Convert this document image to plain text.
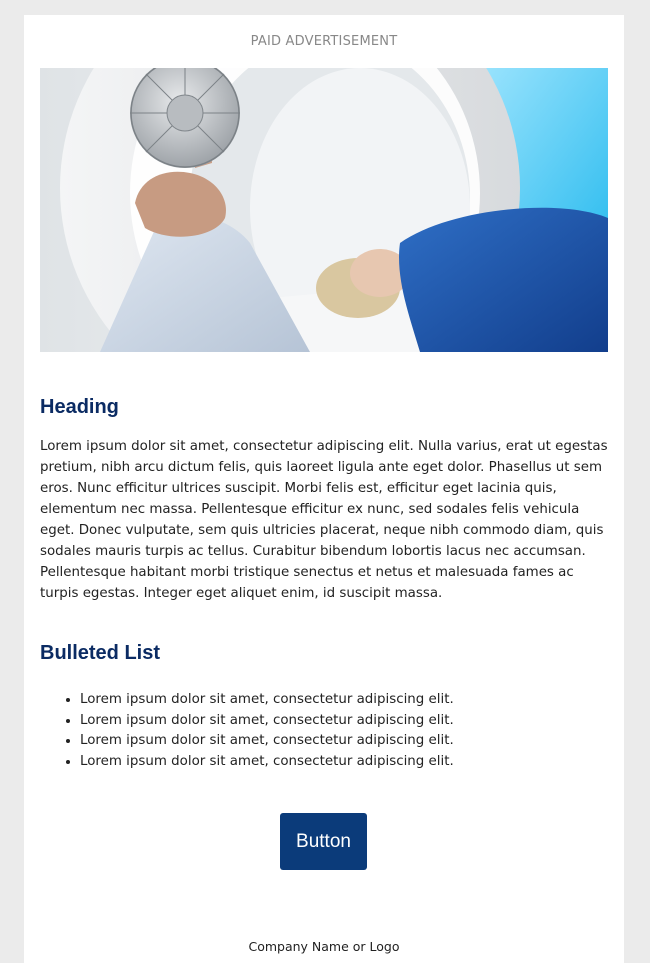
PAID ADVERTISEMENT
Heading

Lorem ipsum dolor sit amet, consectetur adipiscing elit. Nulla varius, erat ut egestas pretium, nibh arcu dictum felis, quis laoreet ligula ante eget dolor. Phasellus ut sem eros. Nunc efficitur ultrices suscipit. Morbi felis est, efficitur eget lacinia quis, elementum nec massa. Pellentesque efficitur ex nunc, sed sodales felis vehicula eget. Donec vulputate, sem quis ultricies placerat, neque nibh commodo diam, quis sodales mauris turpis ac tellus. Curabitur bibendum lobortis lacus nec accumsan. Pellentesque habitant morbi tristique senectus et netus et malesuada fames ac turpis egestas. Integer eget aliquet enim, id suscipit massa.

Bulleted List
• Lorem ipsum dolor sit amet, consectetur adipiscing elit.
• Lorem ipsum dolor sit amet, consectetur adipiscing elit.
• Lorem ipsum dolor sit amet, consectetur adipiscing elit.
• Lorem ipsum dolor sit amet, consectetur adipiscing elit.
Button
Company Name or Logo
